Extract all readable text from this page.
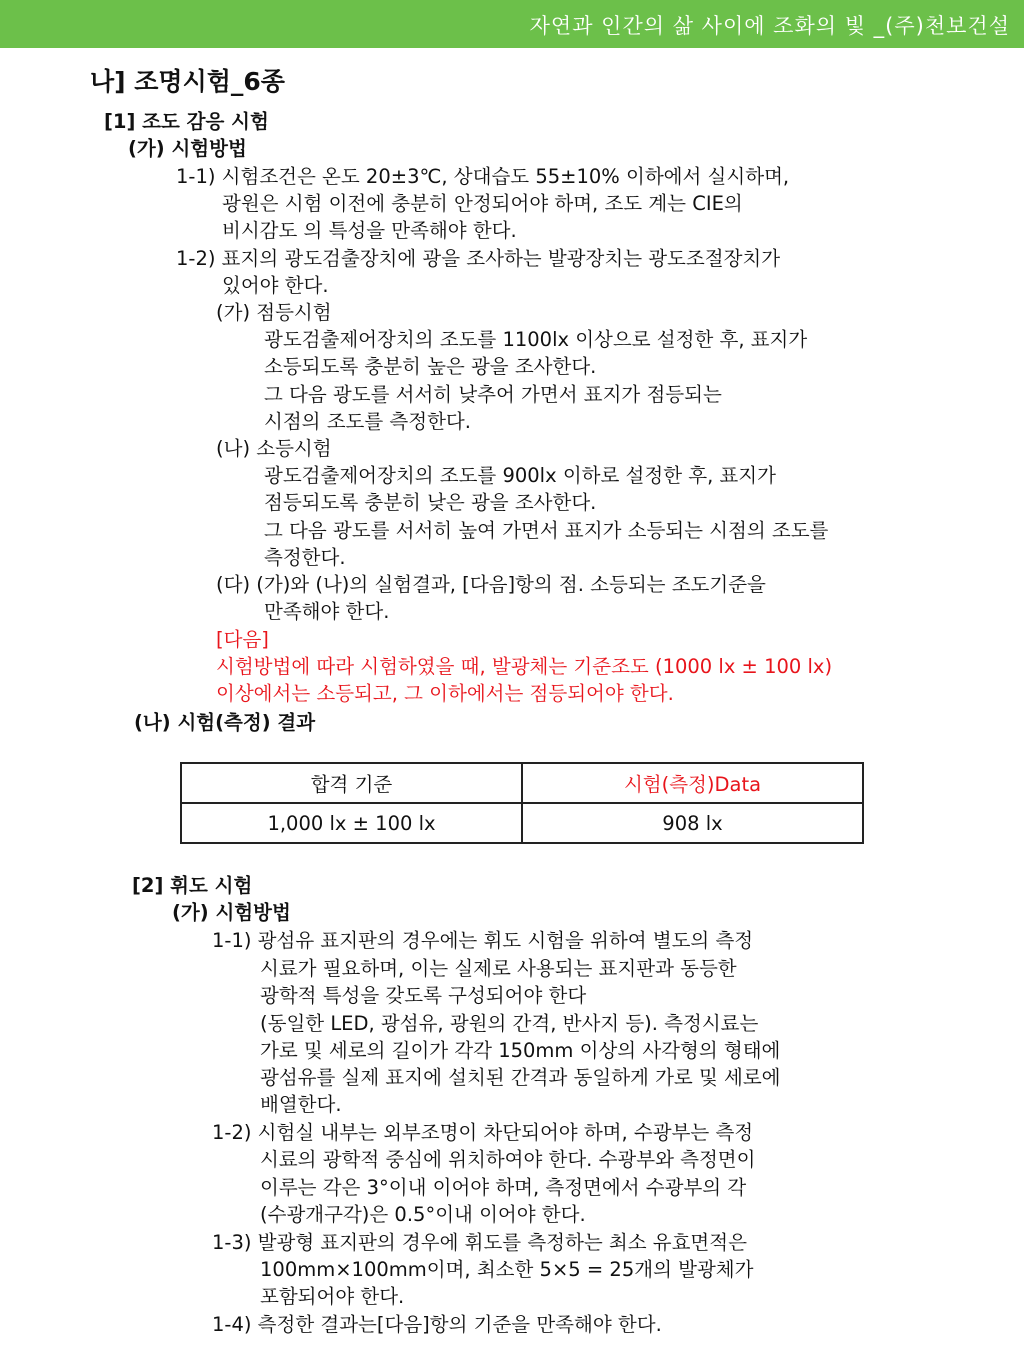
자연과 인간의 삶 사이에 조화의 빛 _(주)천보건설
나] 조명시험_6종
[1] 조도 감응 시험
(가) 시험방법
1-1) 시험조건은 온도 20±3℃, 상대습도 55±10% 이하에서 실시하며,
광원은 시험 이전에 충분히 안정되어야 하며, 조도 계는 CIE의
비시감도 의 특성을 만족해야 한다.
1-2) 표지의 광도검출장치에 광을 조사하는 발광장치는 광도조절장치가
있어야 한다.
(가) 점등시험
광도검출제어장치의 조도를 1100lx 이상으로 설정한 후, 표지가
소등되도록 충분히 높은 광을 조사한다.
그 다음 광도를 서서히 낮추어 가면서 표지가 점등되는
시점의 조도를 측정한다.
(나) 소등시험
광도검출제어장치의 조도를 900lx 이하로 설정한 후, 표지가
점등되도록 충분히 낮은 광을 조사한다.
그 다음 광도를 서서히 높여 가면서 표지가 소등되는 시점의 조도를
측정한다.
(다) (가)와 (나)의 실험결과, [다음]항의 점. 소등되는 조도기준을
만족해야 한다.
[다음]
시험방법에 따라 시험하였을 때, 발광체는 기준조도 (1000 lx ± 100 lx)
이상에서는 소등되고, 그 이하에서는 점등되어야 한다.
(나) 시험(측정) 결과
합격 기준	시험(측정)Data
1,000 lx ± 100 lx	908 lx
[2] 휘도 시험
(가) 시험방법
1-1) 광섬유 표지판의 경우에는 휘도 시험을 위하여 별도의 측정
시료가 필요하며, 이는 실제로 사용되는 표지판과 동등한
광학적 특성을 갖도록 구성되어야 한다
(동일한 LED, 광섬유, 광원의 간격, 반사지 등). 측정시료는
가로 및 세로의 길이가 각각 150mm 이상의 사각형의 형태에
광섬유를 실제 표지에 설치된 간격과 동일하게 가로 및 세로에
배열한다.
1-2) 시험실 내부는 외부조명이 차단되어야 하며, 수광부는 측정
시료의 광학적 중심에 위치하여야 한다. 수광부와 측정면이
이루는 각은 3°이내 이어야 하며, 측정면에서 수광부의 각
(수광개구각)은 0.5°이내 이어야 한다.
1-3) 발광형 표지판의 경우에 휘도를 측정하는 최소 유효면적은
100mm×100mm이며, 최소한 5×5 = 25개의 발광체가
포함되어야 한다.
1-4) 측정한 결과는[다음]항의 기준을 만족해야 한다.
